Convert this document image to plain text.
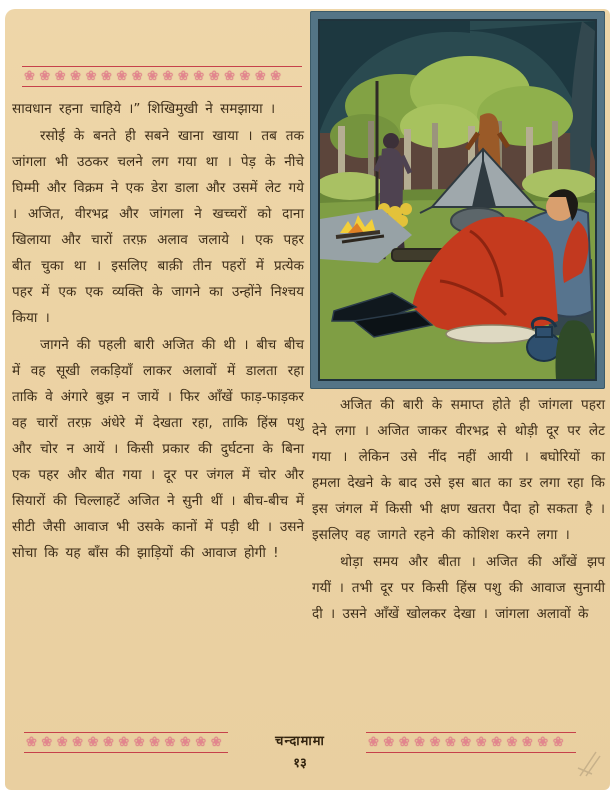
❀❀❀❀❀❀❀❀❀❀❀❀❀❀❀❀❀

सावधान रहना चाहिये ।” शिखिमुखी ने समझाया ।

रसोई के बनते ही सबने खाना खाया । तब तक जांगला भी उठकर चलने लग गया था । पेड़ के नीचे घिम्मी और विक्रम ने एक डेरा डाला और उसमें लेट गये । अजित, वीरभद्र और जांगला ने खच्चरों को दाना खिलाया और चारों तरफ़ अलाव जलाये । एक पहर बीत चुका था । इसलिए बाक़ी तीन पहरों में प्रत्येक पहर में एक एक व्यक्ति के जागने का उन्होंने निश्चय किया ।

जागने की पहली बारी अजित की थी । बीच बीच में वह सूखी लकड़ियाँ लाकर अलावों में डालता रहा ताकि वे अंगारे बुझ न जायें । फिर आँखें फाड़-फाड़कर वह चारों तरफ़ अंधेरे में देखता रहा, ताकि हिंस्र पशु और चोर न आयें । किसी प्रकार की दुर्घटना के बिना एक पहर और बीत गया । दूर पर जंगल में चोर और सियारों की चिल्लाहटें अजित ने सुनी थीं । बीच-बीच में सीटी जैसी आवाज भी उसके कानों में पड़ी थी । उसने सोचा कि यह बाँस की झाड़ियों की आवाज होगी !

अजित की बारी के समाप्त होते ही जांगला पहरा देने लगा । अजित जाकर वीरभद्र से थोड़ी दूर पर लेट गया । लेकिन उसे नींद नहीं आयी । बघोरियों का हमला देखने के बाद उसे इस बात का डर लगा रहा कि इस जंगल में किसी भी क्षण खतरा पैदा हो सकता है । इसलिए वह जागते रहने की कोशिश करने लगा ।

थोड़ा समय और बीता । अजित की आँखें झप गयीं । तभी दूर पर किसी हिंस्र पशु की आवाज सुनायी दी । उसने आँखें खोलकर देखा । जांगला अलावों के

❀❀❀❀❀❀❀❀❀❀❀❀❀	❀❀❀❀❀❀❀❀❀❀❀❀❀
चन्दामामा
१३
